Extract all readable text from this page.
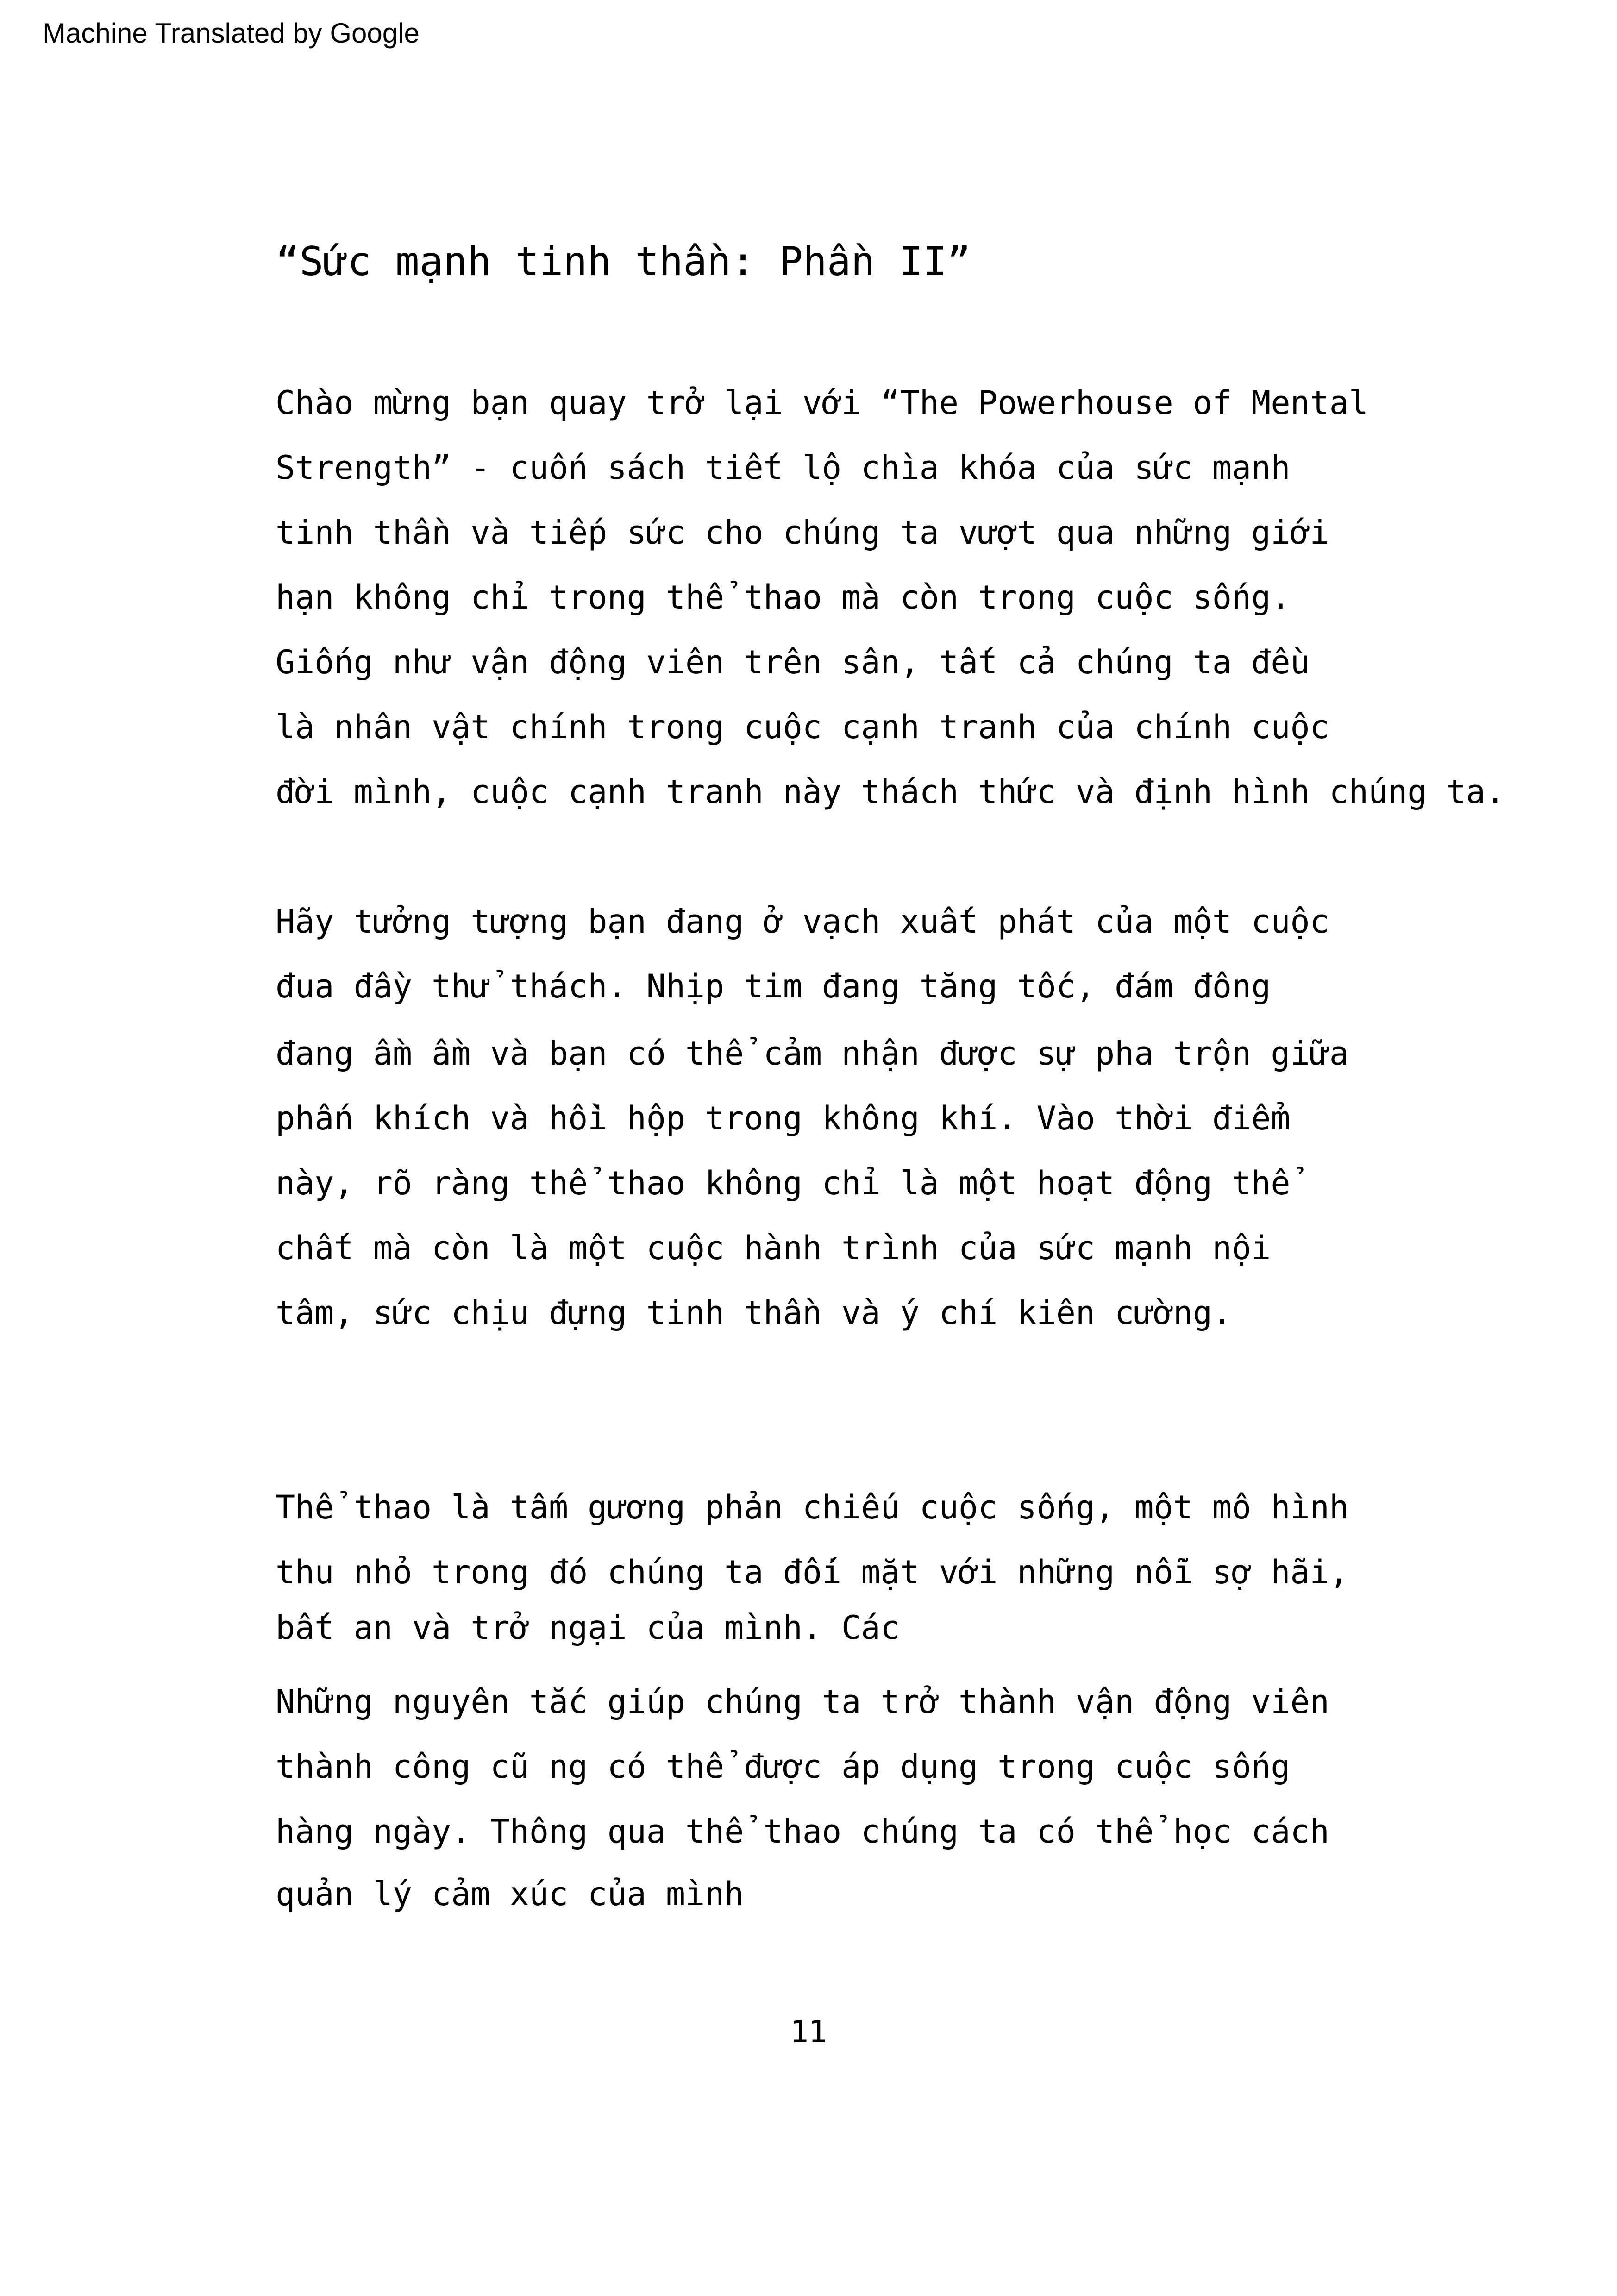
Machine Translated by Google
“Sức mạnh tinh thần: Phần II”
Chào mừng bạn quay trở lại với “The Powerhouse of Mental
Strength” - cuốn sách tiết lộ chìa khóa của sức mạnh
tinh thần và tiếp sức cho chúng ta vượt qua những giới
hạn không chỉ trong thể thao mà còn trong cuộc sống.
Giống như vận động viên trên sân, tất cả chúng ta đều
là nhân vật chính trong cuộc cạnh tranh của chính cuộc
đời mình, cuộc cạnh tranh này thách thức và định hình chúng ta.
Hãy tưởng tượng bạn đang ở vạch xuất phát của một cuộc
đua đầy thử thách. Nhịp tim đang tăng tốc, đám đông
đang ầm ầm và bạn có thể cảm nhận được sự pha trộn giữa
phấn khích và hồi hộp trong không khí. Vào thời điểm
này, rõ ràng thể thao không chỉ là một hoạt động thể
chất mà còn là một cuộc hành trình của sức mạnh nội
tâm, sức chịu đựng tinh thần và ý chí kiên cường.
Thể thao là tấm gương phản chiếu cuộc sống, một mô hình
thu nhỏ trong đó chúng ta đối mặt với những nỗi sợ hãi,
bất an và trở ngại của mình. Các
Những nguyên tắc giúp chúng ta trở thành vận động viên
thành công cũ ng có thể được áp dụng trong cuộc sống
hàng ngày. Thông qua thể thao chúng ta có thể học cách
quản lý cảm xúc của mình
11
